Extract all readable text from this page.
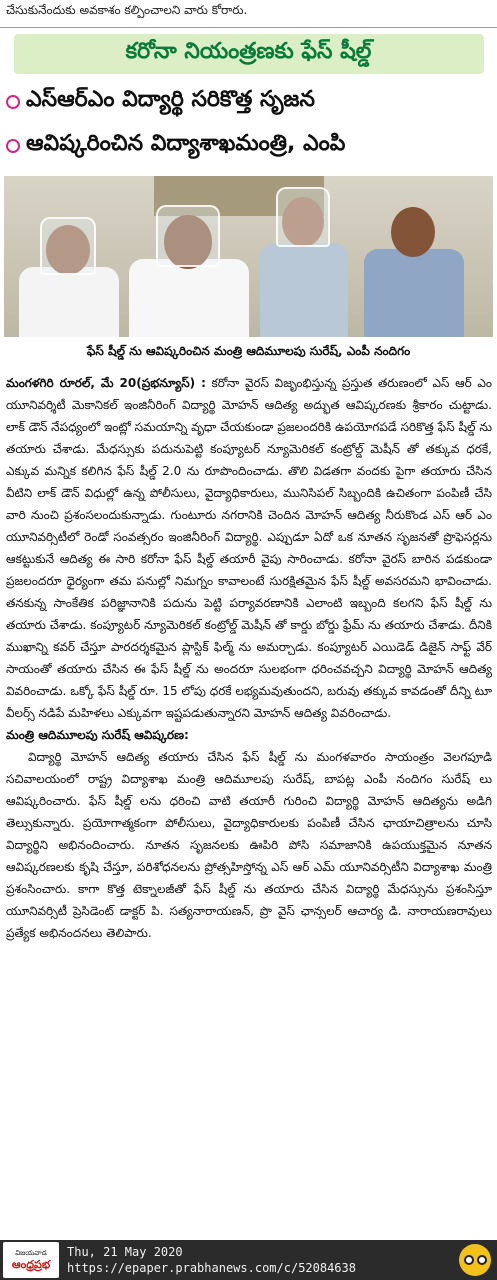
చేసుకునేందుకు అవకాశం కల్పించాలని వారు కోరారు.
కరోనా నియంత్రణకు ఫేస్ షీల్డ్
ఎస్ఆర్ఎం విద్యార్థి సరికొత్త సృజన
ఆవిష్కరించిన విద్యాశాఖమంత్రి, ఎంపి
ఫేస్ షీల్డ్ ను ఆవిష్కరించిన మంత్రి ఆదిమూలపు సురేష్, ఎంపీ నందిగం

మంగళగిరి రూరల్, మే 20(ప్రభన్యూస్) : కరోనా వైరస్ విజృంభిస్తున్న ప్రస్తుత తరుణంలో ఎస్ ఆర్ ఎం యూనివర్శిటీ మెకానికల్ ఇంజినీరింగ్ విద్యార్థి మోహన్ ఆదిత్య అద్భుత ఆవిష్కరణకు శ్రీకారం చుట్టాడు. లాక్ డౌన్ నేపధ్యంలో ఇంట్లో సమయాన్ని వృధా చేయకుండా ప్రజలందరికి ఉపయోగపడే సరికొత్త ఫేస్ షీల్డ్ ను తయారు చేశాడు. మేధస్సుకు పదునుపెట్టి కంప్యూటర్ న్యూమెరికల్ కంట్రోల్డ్ మెషీన్ తో తక్కువ ధరకే, ఎక్కువ మన్నిక కలిగిన ఫేస్ షీల్డ్ 2.0 ను రూపొందించాడు. తొలి విడతగా వందకు పైగా తయారు చేసిన వీటిని లాక్ డౌన్ విధుల్లో ఉన్న పోలీసులు, వైద్యాధికారులు, మునిసిపల్ సిబ్బందికి ఉచితంగా పంపిణీ చేసి వారి నుంచి ప్రశంసలందుకున్నాడు. గుంటూరు నగరానికి చెందిన మోహన్ ఆదిత్య నీరుకొండ ఎస్ ఆర్ ఎం యూనివర్సిటీలో రెండో సంవత్సరం ఇంజినీరింగ్ విద్యార్థి. ఎప్పుడూ ఏదో ఒక నూతన సృజనతో ప్రొఫెసర్లను ఆకట్టుకునే ఆదిత్య ఈ సారి కరోనా ఫేస్ షీల్డ్ తయారీ వైపు సారించాడు. కరోనా వైరస్ బారిన పడకుండా ప్రజలందరూ ధైర్యంగా తమ పనుల్లో నిమగ్నం కావాలంటే సురక్షితమైన ఫేస్ షీల్డ్ అవసరమని భావించాడు. తనకున్న సాంకేతిక పరిజ్ఞానానికి పదును పెట్టి పర్యావరణానికి ఎలాంటి ఇబ్బంది కలగని ఫేస్ షీల్డ్ ను తయారు చేశాడు. కంప్యూటర్ న్యూమెరికల్ కంట్రోల్డ్ మెషీన్ తో కార్డు బోర్డు ఫ్రేమ్ ను తయారు చేశాడు. దీనికి ముఖాన్ని కవర్ చేస్తూ పారదర్శకమైన ప్లాస్టిక్ ఫిల్మ్ ను అమర్చాడు. కంప్యూటర్ ఎయిడెడ్ డిజైన్ సాఫ్ట్ వేర్ సాయంతో తయారు చేసిన ఈ ఫేస్ షీల్డ్ ను అందరూ సులభంగా ధరించవచ్చని విద్యార్థి మోహన్ ఆదిత్య వివరించాడు. ఒక్కో ఫేస్ షీల్డ్ రూ. 15 లోపు ధరకే లభ్యమవుతుందని, బరువు తక్కువ కావడంతో దీన్ని టూ వీలర్స్ నడిపే మహిళలు ఎక్కువగా ఇష్టపడుతున్నారని మోహన్ ఆదిత్య వివరించాడు.

మంత్రి ఆదిమూలపు సురేష్ ఆవిష్కరణ:

విద్యార్థి మోహన్ ఆదిత్య తయారు చేసిన ఫేస్ షీల్డ్ ను మంగళవారం సాయంత్రం వెలగపూడి సచివాలయంలో రాష్ట్ర విద్యాశాఖ మంత్రి ఆదిమూలపు సురేష్, బాపట్ల ఎంపీ నందిగం సురేష్ లు ఆవిష్కరించారు. ఫేస్ షీల్డ్ లను ధరించి వాటి తయారీ గురించి విద్యార్థి మోహన్ ఆదిత్యను అడిగి తెల్సుకున్నారు. ప్రయోగాత్మకంగా పోలీసులు, వైద్యాధికారులకు పంపిణీ చేసిన ఛాయాచిత్రాలను చూసి విద్యార్థిని అభినందించారు. నూతన సృజనలకు ఊపిరి పోసి సమాజానికి ఉపయుక్తమైన నూతన ఆవిష్కరణలకు కృషి చేస్తూ, పరిశోధనలను ప్రోత్సహిస్తోన్న ఎస్ ఆర్ ఎమ్ యూనివర్సిటీని విద్యాశాఖ మంత్రి ప్రశంసించారు. కాగా కొత్త టెక్నాలజీతో ఫేస్ షీల్డ్ ను తయారు చేసిన విద్యార్థి మేధస్సును ప్రశంసిస్తూ యూనివర్సిటీ ప్రెసిడెంట్ డాక్టర్ పి. సత్యనారాయణన్, ప్రొ వైస్ ఛాన్సలర్ ఆచార్య డి. నారాయణరావులు ప్రత్యేక అభినందనలు తెలిపారు.

విజయవాడ
ఆంధ్రప్రభ
Thu, 21 May 2020
https://epaper.prabhanews.com/c/52084638
